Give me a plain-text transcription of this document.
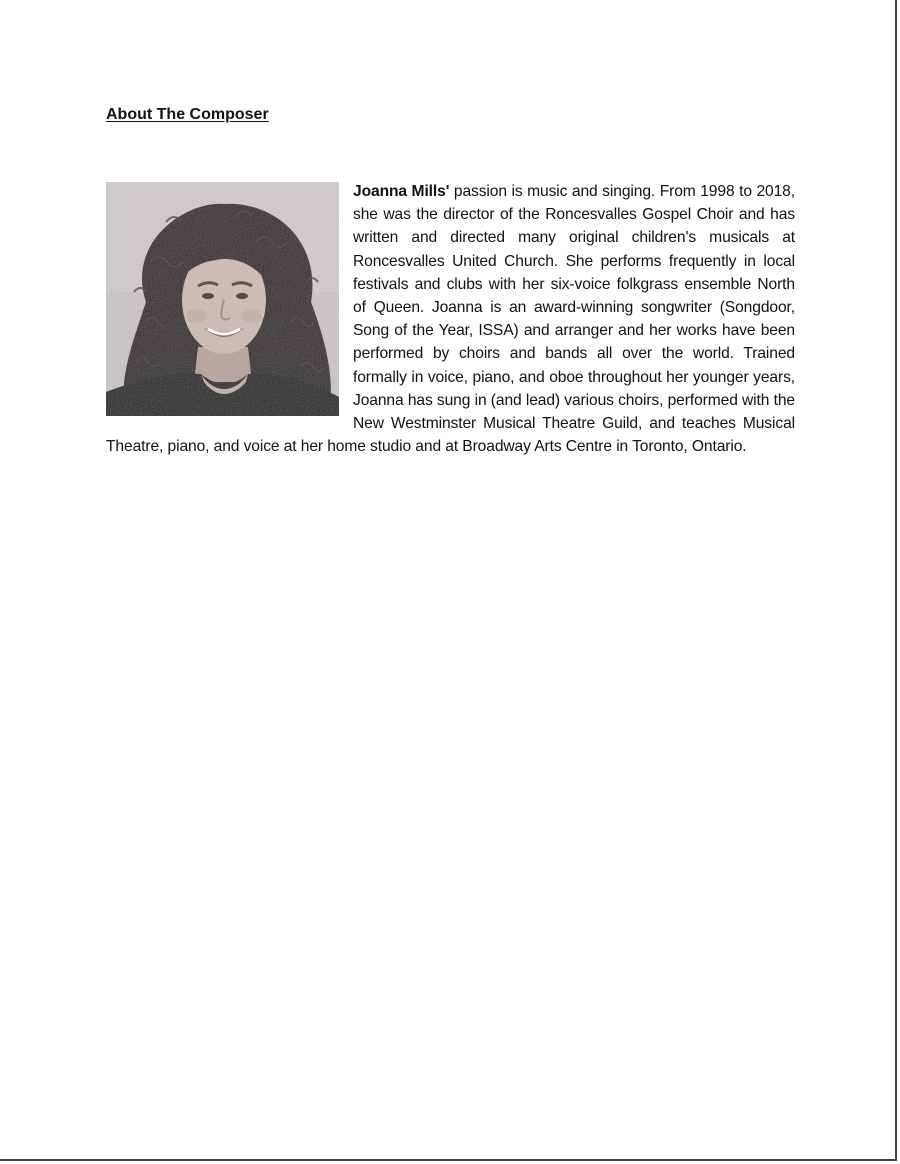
About The Composer
Joanna Mills' passion is music and singing. From 1998 to 2018, she was the director of the Roncesvalles Gospel Choir and has written and directed many original children's musicals at Roncesvalles United Church. She performs frequently in local festivals and clubs with her six-voice folkgrass ensemble North of Queen. Joanna is an award-winning songwriter (Songdoor, Song of the Year, ISSA) and arranger and her works have been performed by choirs and bands all over the world. Trained formally in voice, piano, and oboe throughout her younger years, Joanna has sung in (and lead) various choirs, performed with the New Westminster Musical Theatre Guild, and teaches Musical Theatre, piano, and voice at her home studio and at Broadway Arts Centre in Toronto, Ontario.
